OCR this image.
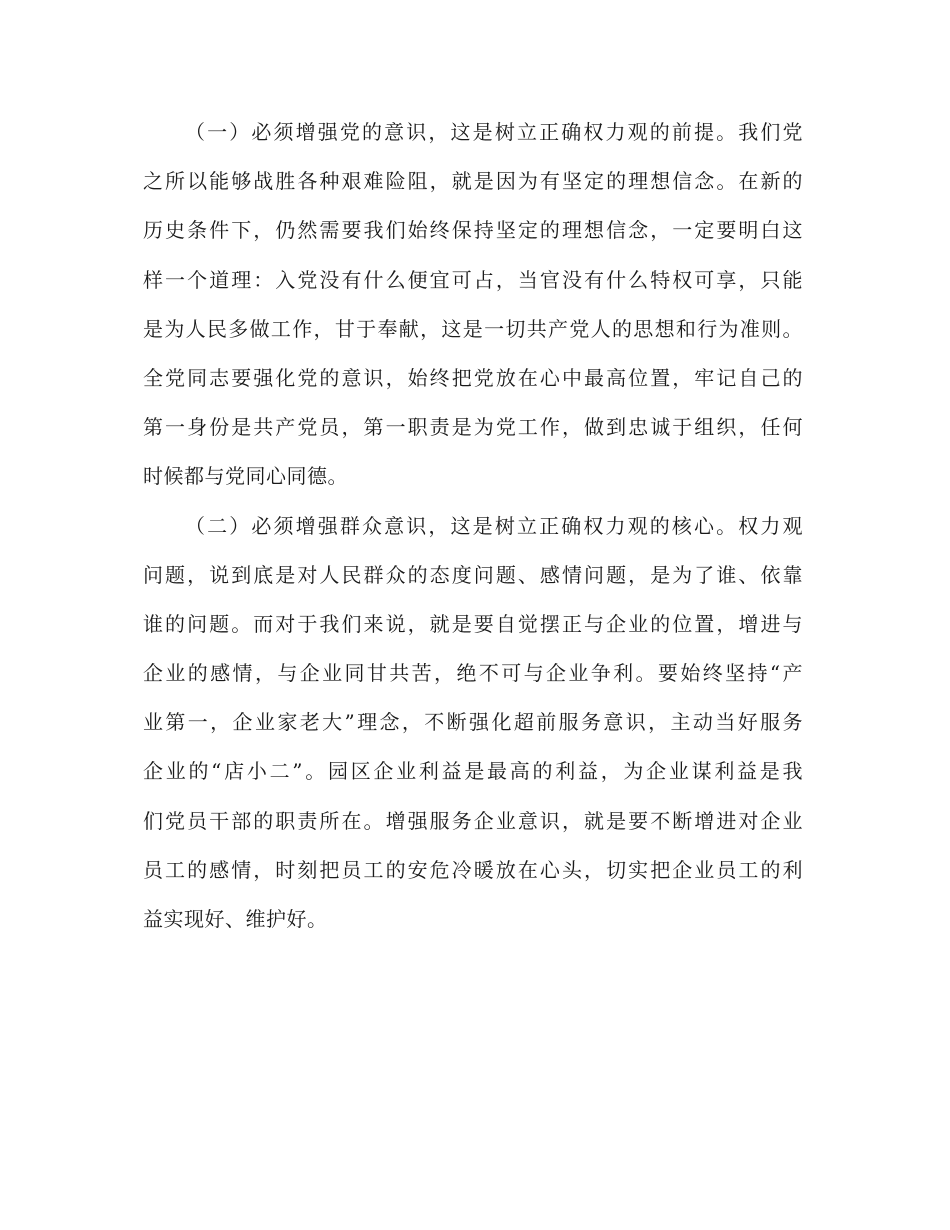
（一）必须增强党的意识，这是树立正确权力观的前提。我们党
之所以能够战胜各种艰难险阻，就是因为有坚定的理想信念。在新的
历史条件下，仍然需要我们始终保持坚定的理想信念，一定要明白这
样一个道理：入党没有什么便宜可占，当官没有什么特权可享，只能
是为人民多做工作，甘于奉献，这是一切共产党人的思想和行为准则。
全党同志要强化党的意识，始终把党放在心中最高位置，牢记自己的
第一身份是共产党员，第一职责是为党工作，做到忠诚于组织，任何
时候都与党同心同德。
（二）必须增强群众意识，这是树立正确权力观的核心。权力观
问题，说到底是对人民群众的态度问题、感情问题，是为了谁、依靠
谁的问题。而对于我们来说，就是要自觉摆正与企业的位置，增进与
企业的感情，与企业同甘共苦，绝不可与企业争利。要始终坚持“产
业第一，企业家老大”理念，不断强化超前服务意识，主动当好服务
企业的“店小二”。园区企业利益是最高的利益，为企业谋利益是我
们党员干部的职责所在。增强服务企业意识，就是要不断增进对企业
员工的感情，时刻把员工的安危冷暖放在心头，切实把企业员工的利
益实现好、维护好。
